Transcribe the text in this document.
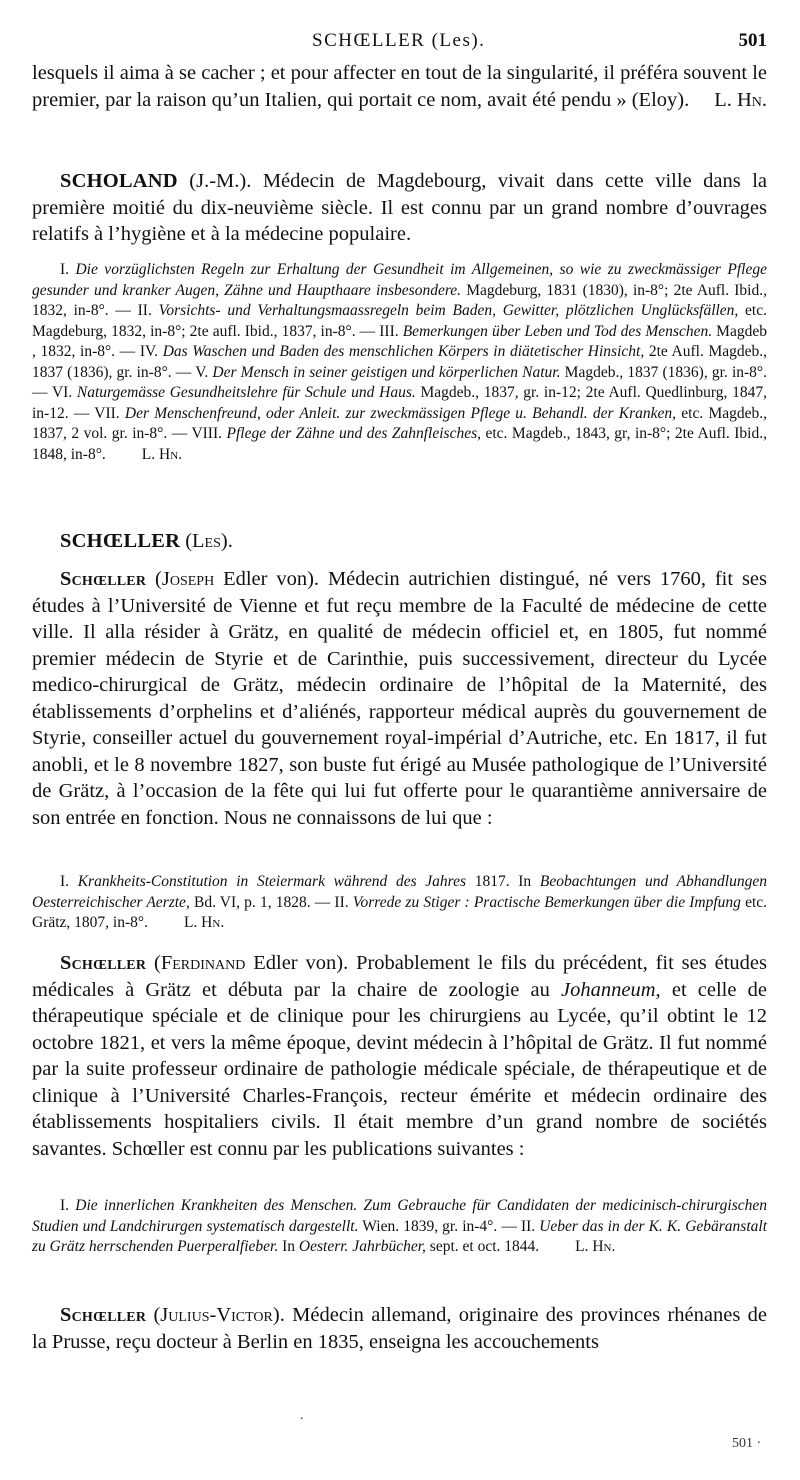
SCHŒLLER (Les).	501

lesquels il aima à se cacher ; et pour affecter en tout de la singularité, il préféra souvent le premier, par la raison qu’un Italien, qui portait ce nom, avait été pendu » (Eloy). L. Hn.

SCHOLAND (J.-M.). Médecin de Magdebourg, vivait dans cette ville dans la première moitié du dix-neuvième siècle. Il est connu par un grand nombre d’ouvrages relatifs à l’hygiène et à la médecine populaire.

I. Die vorzüglichsten Regeln zur Erhaltung der Gesundheit im Allgemeinen, so wie zu zweckmässiger Pflege gesunder und kranker Augen, Zähne und Haupthaare insbesondere. Magdeburg, 1831 (1830), in-8°; 2te Aufl. Ibid., 1832, in-8°. — II. Vorsichts- und Verhaltungsmaassregeln beim Baden, Gewitter, plötzlichen Unglücksfällen, etc. Magdeburg, 1832, in-8°; 2te aufl. Ibid., 1837, in-8°. — III. Bemerkungen über Leben und Tod des Menschen. Magdeb , 1832, in-8°. — IV. Das Waschen und Baden des menschlichen Körpers in diätetischer Hinsicht, 2te Aufl. Magdeb., 1837 (1836), gr. in-8°. — V. Der Mensch in seiner geistigen und körperlichen Natur. Magdeb., 1837 (1836), gr. in-8°. — VI. Naturgemässe Gesundheitslehre für Schule und Haus. Magdeb., 1837, gr. in-12; 2te Aufl. Quedlinburg, 1847, in-12. — VII. Der Menschenfreund, oder Anleit. zur zweckmässigen Pflege u. Behandl. der Kranken, etc. Magdeb., 1837, 2 vol. gr. in-8°. — VIII. Pflege der Zähne und des Zahnfleisches, etc. Magdeb., 1843, gr, in-8°; 2te Aufl. Ibid., 1848, in-8°. L. Hn.

SCHŒLLER (Les).

Schœller (Joseph Edler von). Médecin autrichien distingué, né vers 1760, fit ses études à l’Université de Vienne et fut reçu membre de la Faculté de médecine de cette ville. Il alla résider à Grätz, en qualité de médecin officiel et, en 1805, fut nommé premier médecin de Styrie et de Carinthie, puis successivement, directeur du Lycée medico-chirurgical de Grätz, médecin ordinaire de l’hôpital de la Maternité, des établissements d’orphelins et d’aliénés, rapporteur médical auprès du gouvernement de Styrie, conseiller actuel du gouvernement royal-impérial d’Autriche, etc. En 1817, il fut anobli, et le 8 novembre 1827, son buste fut érigé au Musée pathologique de l’Université de Grätz, à l’occasion de la fête qui lui fut offerte pour le quarantième anniversaire de son entrée en fonction. Nous ne connaissons de lui que :

I. Krankheits-Constitution in Steiermark während des Jahres 1817. In Beobachtungen und Abhandlungen Oesterreichischer Aerzte, Bd. VI, p. 1, 1828. — II. Vorrede zu Stiger : Practische Bemerkungen über die Impfung etc. Grätz, 1807, in-8°. L. Hn.

Schœller (Ferdinand Edler von). Probablement le fils du précédent, fit ses études médicales à Grätz et débuta par la chaire de zoologie au Johanneum, et celle de thérapeutique spéciale et de clinique pour les chirurgiens au Lycée, qu’il obtint le 12 octobre 1821, et vers la même époque, devint médecin à l’hôpital de Grätz. Il fut nommé par la suite professeur ordinaire de pathologie médicale spéciale, de thérapeutique et de clinique à l’Université Charles-François, recteur émérite et médecin ordinaire des établissements hospitaliers civils. Il était membre d’un grand nombre de sociétés savantes. Schœller est connu par les publications suivantes :

I. Die innerlichen Krankheiten des Menschen. Zum Gebrauche für Candidaten der medicinisch-chirurgischen Studien und Landchirurgen systematisch dargestellt. Wien. 1839, gr. in-4°. — II. Ueber das in der K. K. Gebäranstalt zu Grätz herrschenden Puerperalfieber. In Oesterr. Jahrbücher, sept. et oct. 1844. L. Hn.

Schœller (Julius-Victor). Médecin allemand, originaire des provinces rhénanes de la Prusse, reçu docteur à Berlin en 1835, enseigna les accouchements

.
501 ·
